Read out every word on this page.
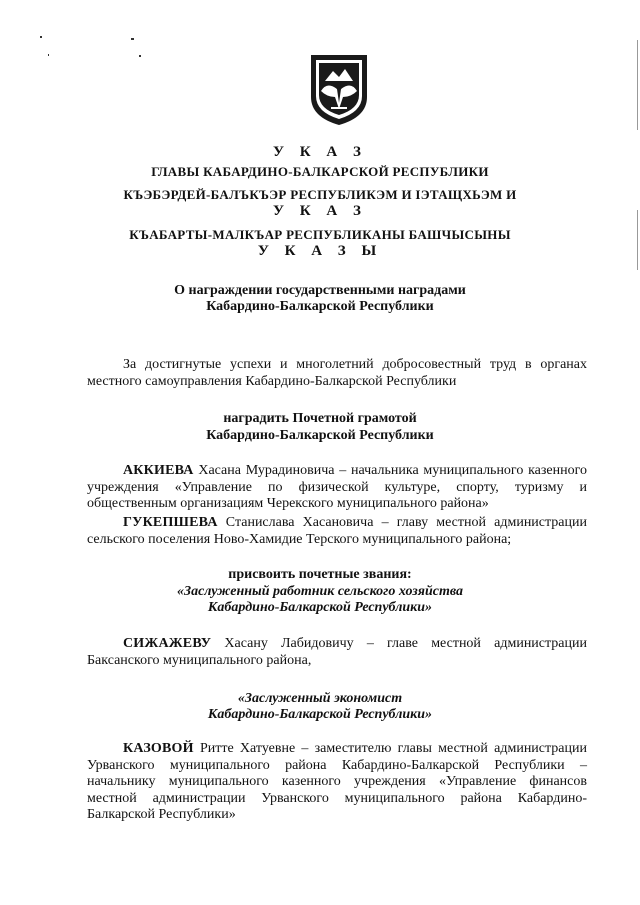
У К А З
ГЛАВЫ КАБАРДИНО-БАЛКАРСКОЙ РЕСПУБЛИКИ
КЪЭБЭРДЕЙ-БАЛЪКЪЭР РЕСПУБЛИКЭМ И ІЭТАЩХЬЭМ И
У К А З
КЪАБАРТЫ-МАЛКЪАР РЕСПУБЛИКАНЫ БАШЧЫСЫНЫ
У К А З Ы
О награждении государственными наградами
Кабардино-Балкарской Республики
За достигнутые успехи и многолетний добросовестный труд в органах местного самоуправления Кабардино-Балкарской Республики
наградить Почетной грамотой
Кабардино-Балкарской Республики
АККИЕВА Хасана Мурадиновича – начальника муниципального казенного учреждения «Управление по физической культуре, спорту, туризму и общественным организациям Черекского муниципального района»
ГУКЕПШЕВА Станислава Хасановича – главу местной администрации сельского поселения Ново-Хамидие Терского муниципального района;
присвоить почетные звания:
«Заслуженный работник сельского хозяйства
Кабардино-Балкарской Республики»
СИЖАЖЕВУ Хасану Лабидовичу – главе местной администрации Баксанского муниципального района,
«Заслуженный экономист
Кабардино-Балкарской Республики»
КАЗОВОЙ Ритте Хатуевне – заместителю главы местной администрации Урванского муниципального района Кабардино-Балкарской Республики – начальнику муниципального казенного учреждения «Управление финансов местной администрации Урванского муниципального района Кабардино-Балкарской Республики»
